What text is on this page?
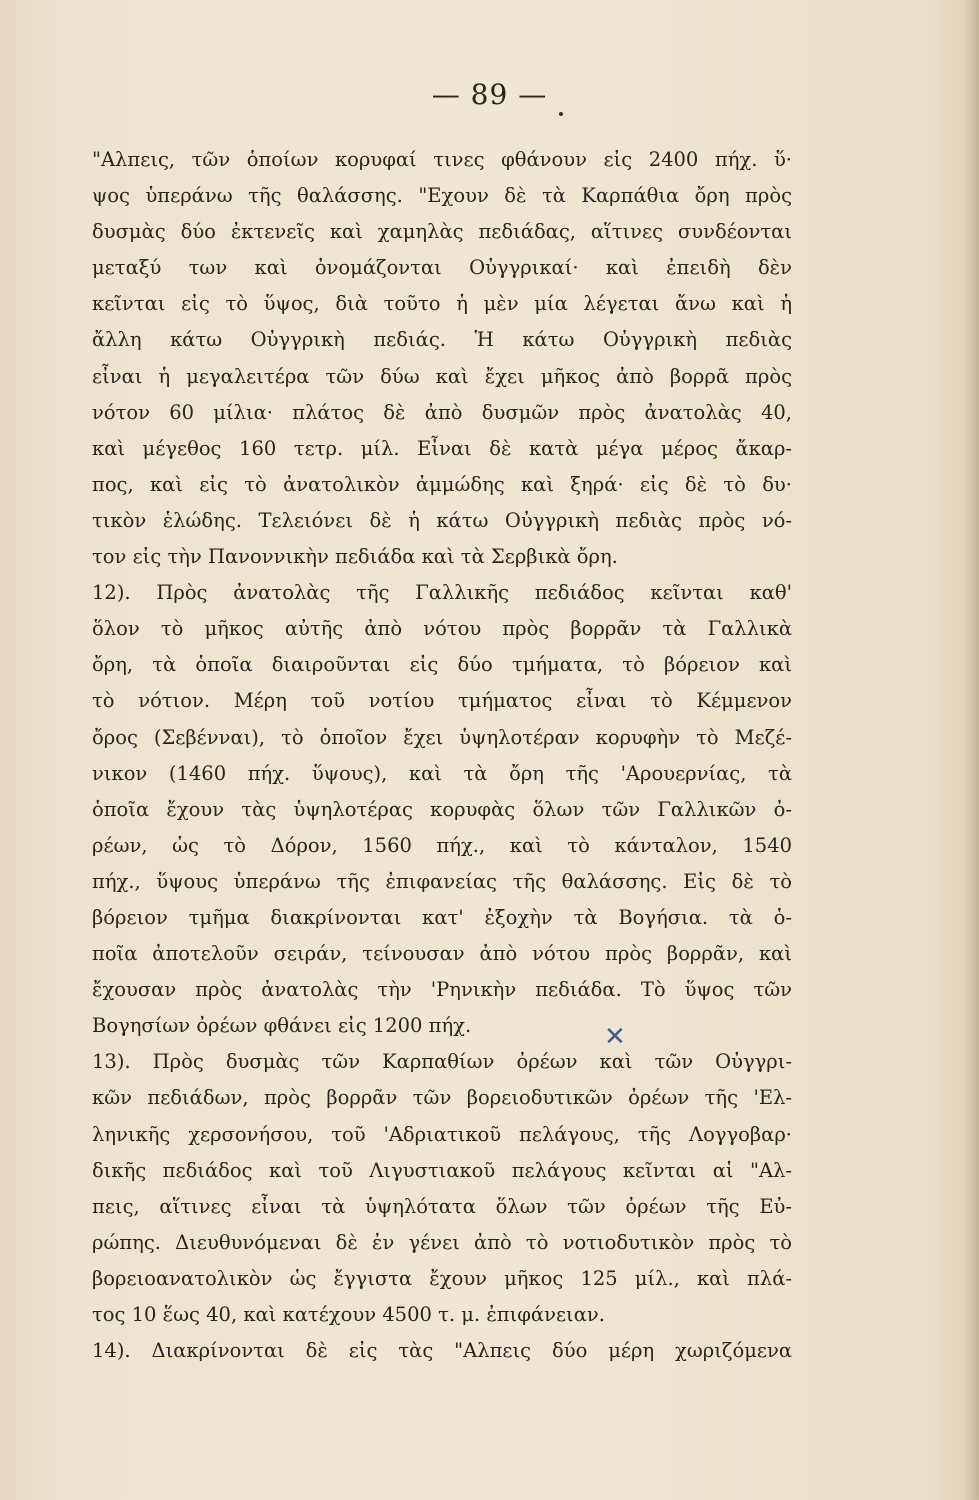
— 89 —
"Αλπεις, τῶν ὁποίων κορυφαί τινες φθάνουν εἰς 2400 πήχ. ὕ·
ψος ὑπεράνω τῆς θαλάσσης. "Εχουν δὲ τὰ Καρπάθια ὄρη πρὸς
δυσμὰς δύο ἐκτενεῖς καὶ χαμηλὰς πεδιάδας, αἵτινες συνδέονται
μεταξύ των καὶ ὀνομάζονται Οὐγγρικαί· καὶ ἐπειδὴ δὲν
κεῖνται εἰς τὸ ὕψος, διὰ τοῦτο ἡ μὲν μία λέγεται ἄνω καὶ ἡ
ἄλλη κάτω Οὐγγρικὴ πεδιάς. Ἡ κάτω Οὐγγρικὴ πεδιὰς
εἶναι ἡ μεγαλειτέρα τῶν δύω καὶ ἔχει μῆκος ἀπὸ βορρᾶ πρὸς
νότον 60 μίλια· πλάτος δὲ ἀπὸ δυσμῶν πρὸς ἀνατολὰς 40,
καὶ μέγεθος 160 τετρ. μίλ. Εἶναι δὲ κατὰ μέγα μέρος ἄκαρ-
πος, καὶ εἰς τὸ ἀνατολικὸν ἀμμώδης καὶ ξηρά· εἰς δὲ τὸ δυ·
τικὸν ἑλώδης. Τελειόνει δὲ ἡ κάτω Οὐγγρικὴ πεδιὰς πρὸς νό-
τον εἰς τὴν Πανοννικὴν πεδιάδα καὶ τὰ Σερβικὰ ὄρη.
12). Πρὸς ἀνατολὰς τῆς Γαλλικῆς πεδιάδος κεῖνται καθ'
ὅλον τὸ μῆκος αὐτῆς ἀπὸ νότου πρὸς βορρᾶν τὰ Γαλλικὰ
ὄρη, τὰ ὁποῖα διαιροῦνται εἰς δύο τμήματα, τὸ βόρειον καὶ
τὸ νότιον. Μέρη τοῦ νοτίου τμήματος εἶναι τὸ Κέμμενον
ὄρος (Σεβένναι), τὸ ὁποῖον ἔχει ὑψηλοτέραν κορυφὴν τὸ Μεζέ-
νικον (1460 πήχ. ὕψους), καὶ τὰ ὄρη τῆς 'Αρουερνίας, τὰ
ὁποῖα ἔχουν τὰς ὑψηλοτέρας κορυφὰς ὅλων τῶν Γαλλικῶν ὀ-
ρέων, ὡς τὸ Δόρον, 1560 πήχ., καὶ τὸ κάνταλον, 1540
πήχ., ὕψους ὑπεράνω τῆς ἐπιφανείας τῆς θαλάσσης. Εἰς δὲ τὸ
βόρειον τμῆμα διακρίνονται κατ' ἐξοχὴν τὰ Βογήσια. τὰ ὁ-
ποῖα ἀποτελοῦν σειράν, τείνουσαν ἀπὸ νότου πρὸς βορρᾶν, καὶ
ἔχουσαν πρὸς ἀνατολὰς τὴν 'Ρηνικὴν πεδιάδα. Τὸ ὕψος τῶν
Βογησίων ὀρέων φθάνει εἰς 1200 πήχ.
13). Πρὸς δυσμὰς τῶν Καρπαθίων ὀρέων καὶ τῶν Οὐγγρι-
κῶν πεδιάδων, πρὸς βορρᾶν τῶν βορειοδυτικῶν ὀρέων τῆς 'Ελ-
ληνικῆς χερσονήσου, τοῦ 'Αδριατικοῦ πελάγους, τῆς Λογγοβαρ·
δικῆς πεδιάδος καὶ τοῦ Λιγυστιακοῦ πελάγους κεῖνται αἱ "Αλ-
πεις, αἵτινες εἶναι τὰ ὑψηλότατα ὅλων τῶν ὀρέων τῆς Εὐ-
ρώπης. Διευθυνόμεναι δὲ ἐν γένει ἀπὸ τὸ νοτιοδυτικὸν πρὸς τὸ
βορειοανατολικὸν ὡς ἔγγιστα ἔχουν μῆκος 125 μίλ., καὶ πλά-
τος 10 ἕως 40, καὶ κατέχουν 4500 τ. μ. ἐπιφάνειαν.
14). Διακρίνονται δὲ εἰς τὰς "Αλπεις δύο μέρη χωριζόμενα
✕
